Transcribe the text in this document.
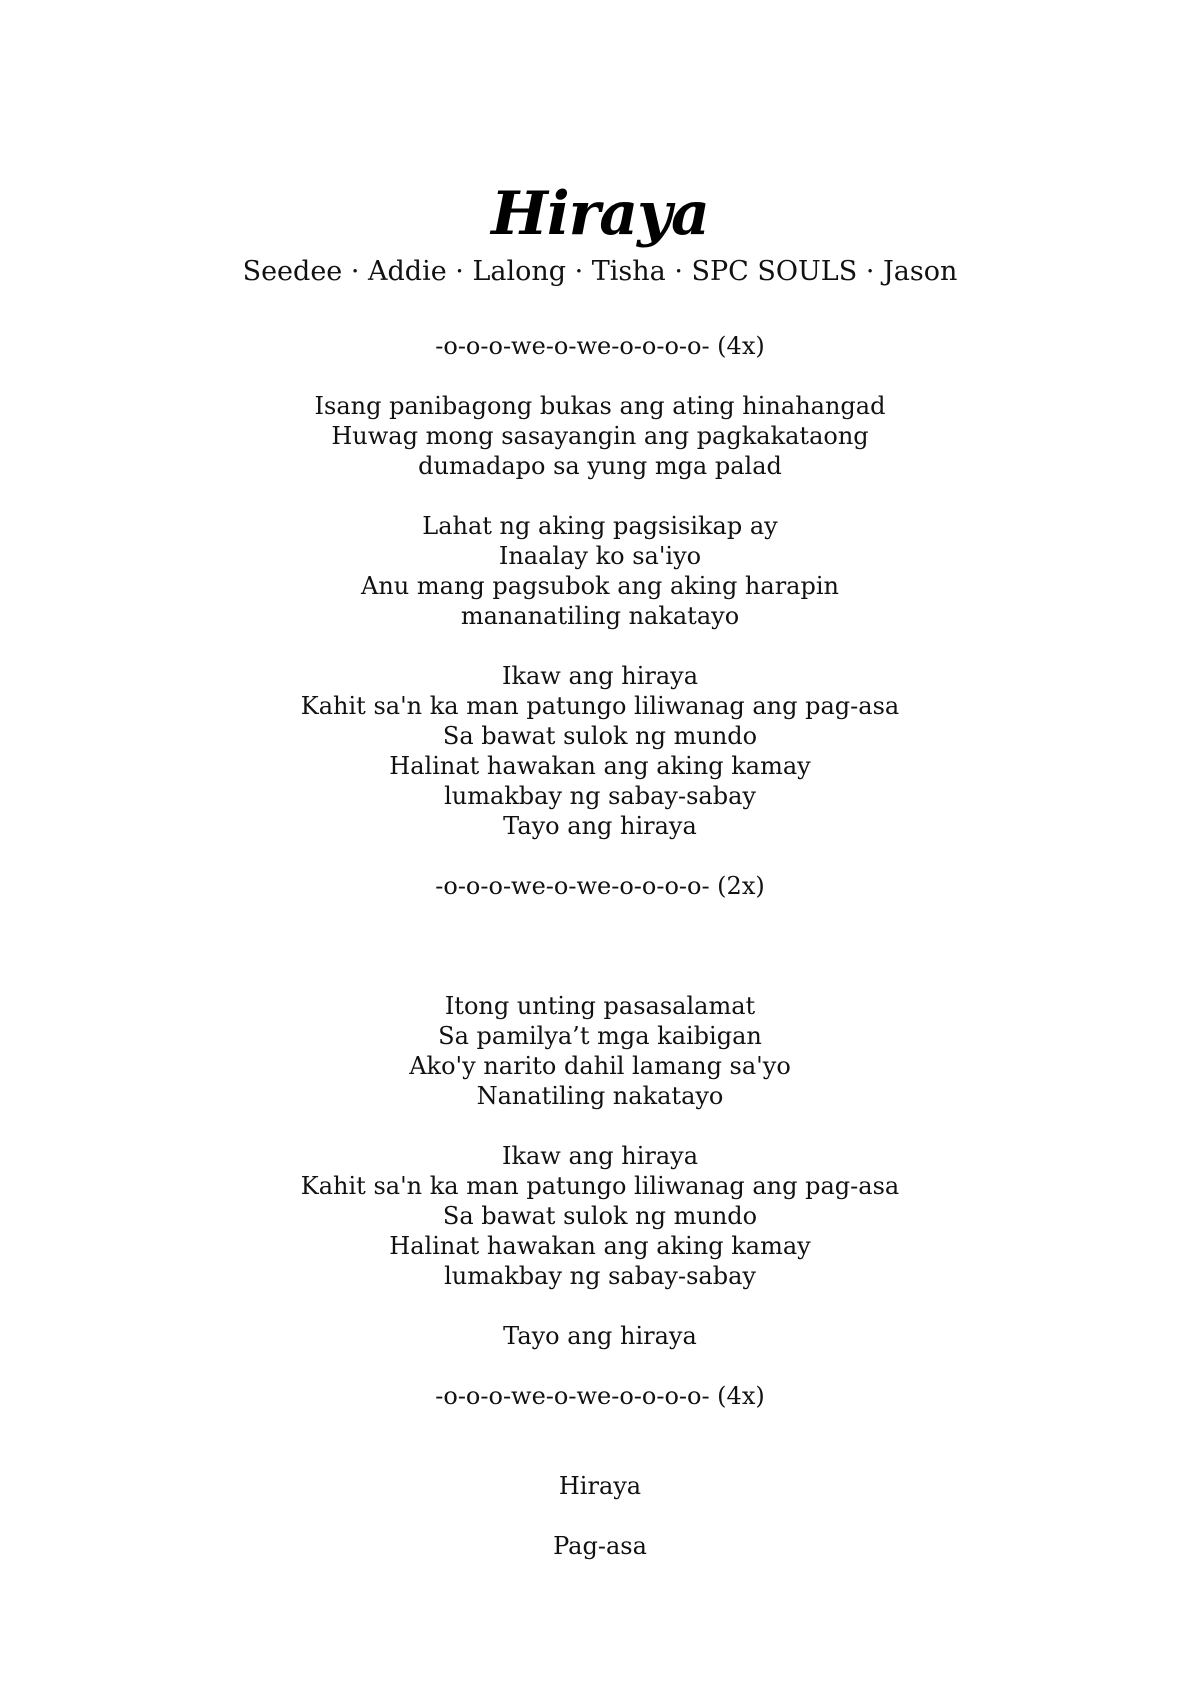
Hiraya
Seedee · Addie · Lalong · Tisha · SPC SOULS · Jason
-o-o-o-we-o-we-o-o-o-o- (4x)
Isang panibagong bukas ang ating hinahangad
Huwag mong sasayangin ang pagkakataong
dumadapo sa yung mga palad
Lahat ng aking pagsisikap ay
Inaalay ko sa'iyo
Anu mang pagsubok ang aking harapin
mananatiling nakatayo
Ikaw ang hiraya
Kahit sa'n ka man patungo liliwanag ang pag-asa
Sa bawat sulok ng mundo
Halinat hawakan ang aking kamay
lumakbay ng sabay-sabay
Tayo ang hiraya
-o-o-o-we-o-we-o-o-o-o- (2x)
Itong unting pasasalamat
Sa pamilya’t mga kaibigan
Ako'y narito dahil lamang sa'yo
Nanatiling nakatayo
Ikaw ang hiraya
Kahit sa'n ka man patungo liliwanag ang pag-asa
Sa bawat sulok ng mundo
Halinat hawakan ang aking kamay
lumakbay ng sabay-sabay
Tayo ang hiraya
-o-o-o-we-o-we-o-o-o-o- (4x)
Hiraya
Pag-asa
